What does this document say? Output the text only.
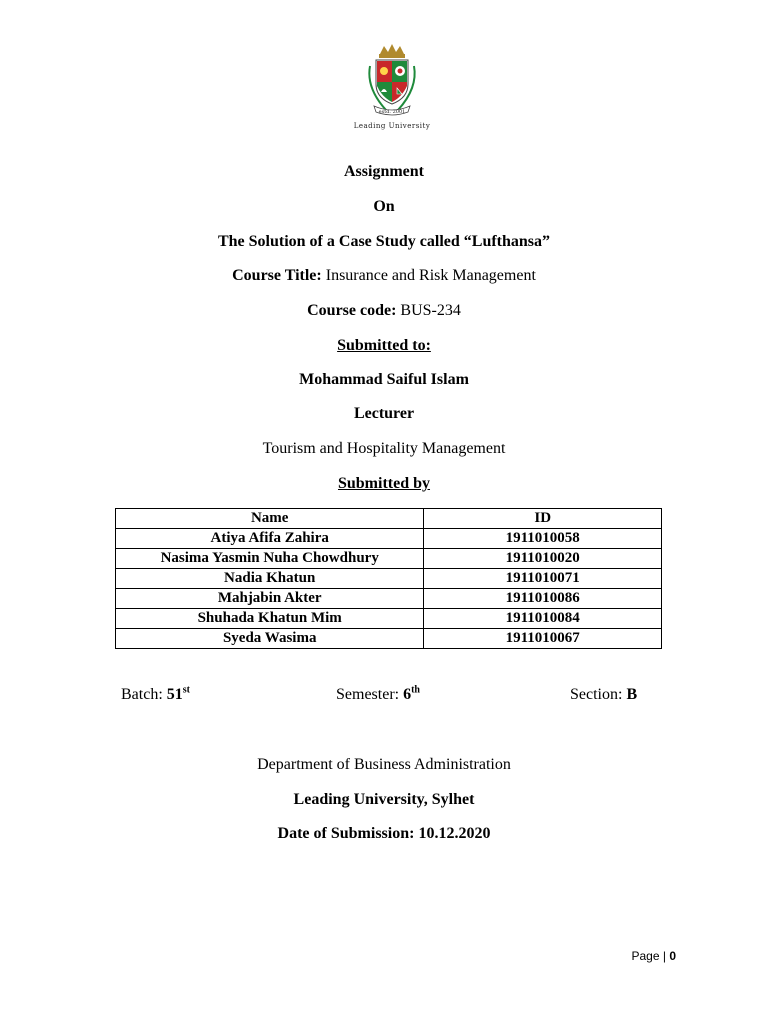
estd. 2001
Leading University
Assignment
On
The Solution of a Case Study called “Lufthansa”
Course Title: Insurance and Risk Management
Course code: BUS-234
Submitted to:
Mohammad Saiful Islam
Lecturer
Tourism and Hospitality Management
Submitted by
Name	ID
Atiya Afifa Zahira	1911010058
Nasima Yasmin Nuha Chowdhury	1911010020
Nadia Khatun	1911010071
Mahjabin Akter	1911010086
Shuhada Khatun Mim	1911010084
Syeda Wasima	1911010067
Batch: 51st	Semester: 6th	Section: B
Department of Business Administration
Leading University, Sylhet
Date of Submission: 10.12.2020
Page | 0
